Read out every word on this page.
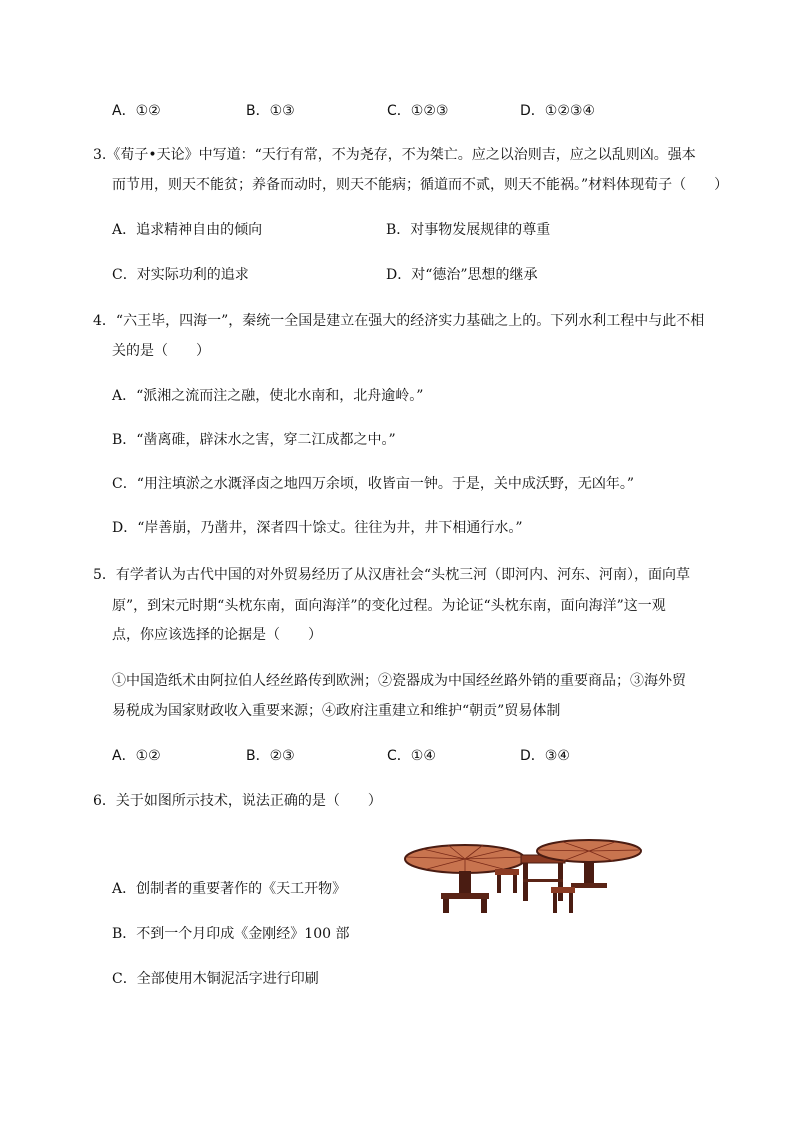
A．①②	B．①③	C．①②③	D．①②③④
3.《荀子•天论》中写道：“天行有常，不为尧存，不为桀亡。应之以治则吉，应之以乱则凶。强本
而节用，则天不能贫；养备而动时，则天不能病；循道而不贰，则天不能祸。”材料体现荀子（　　）
A．追求精神自由的倾向	B．对事物发展规律的尊重
C．对实际功利的追求	D．对“德治”思想的继承
4．“六王毕，四海一”，秦统一全国是建立在强大的经济实力基础之上的。下列水利工程中与此不相
关的是（　　）
A．“派湘之流而注之融，使北水南和，北舟逾岭。”
B．“凿离碓，辟沫水之害，穿二江成都之中。”
C．“用注填淤之水溉泽卤之地四万余顷，收皆亩一钟。于是，关中成沃野，无凶年。”
D．“岸善崩，乃凿井，深者四十馀丈。往往为井，井下相通行水。”
5．有学者认为古代中国的对外贸易经历了从汉唐社会“头枕三河（即河内、河东、河南），面向草
原”，到宋元时期“头枕东南，面向海洋”的变化过程。为论证“头枕东南，面向海洋”这一观
点，你应该选择的论据是（　　）
①中国造纸术由阿拉伯人经丝路传到欧洲；②瓷器成为中国经丝路外销的重要商品；③海外贸
易税成为国家财政收入重要来源；④政府注重建立和维护“朝贡”贸易体制
A．①②	B．②③	C．①④	D．③④
6．关于如图所示技术，说法正确的是（　　）
A．创制者的重要著作的《天工开物》
B．不到一个月印成《金刚经》100 部
C．全部使用木铜泥活字进行印刷
